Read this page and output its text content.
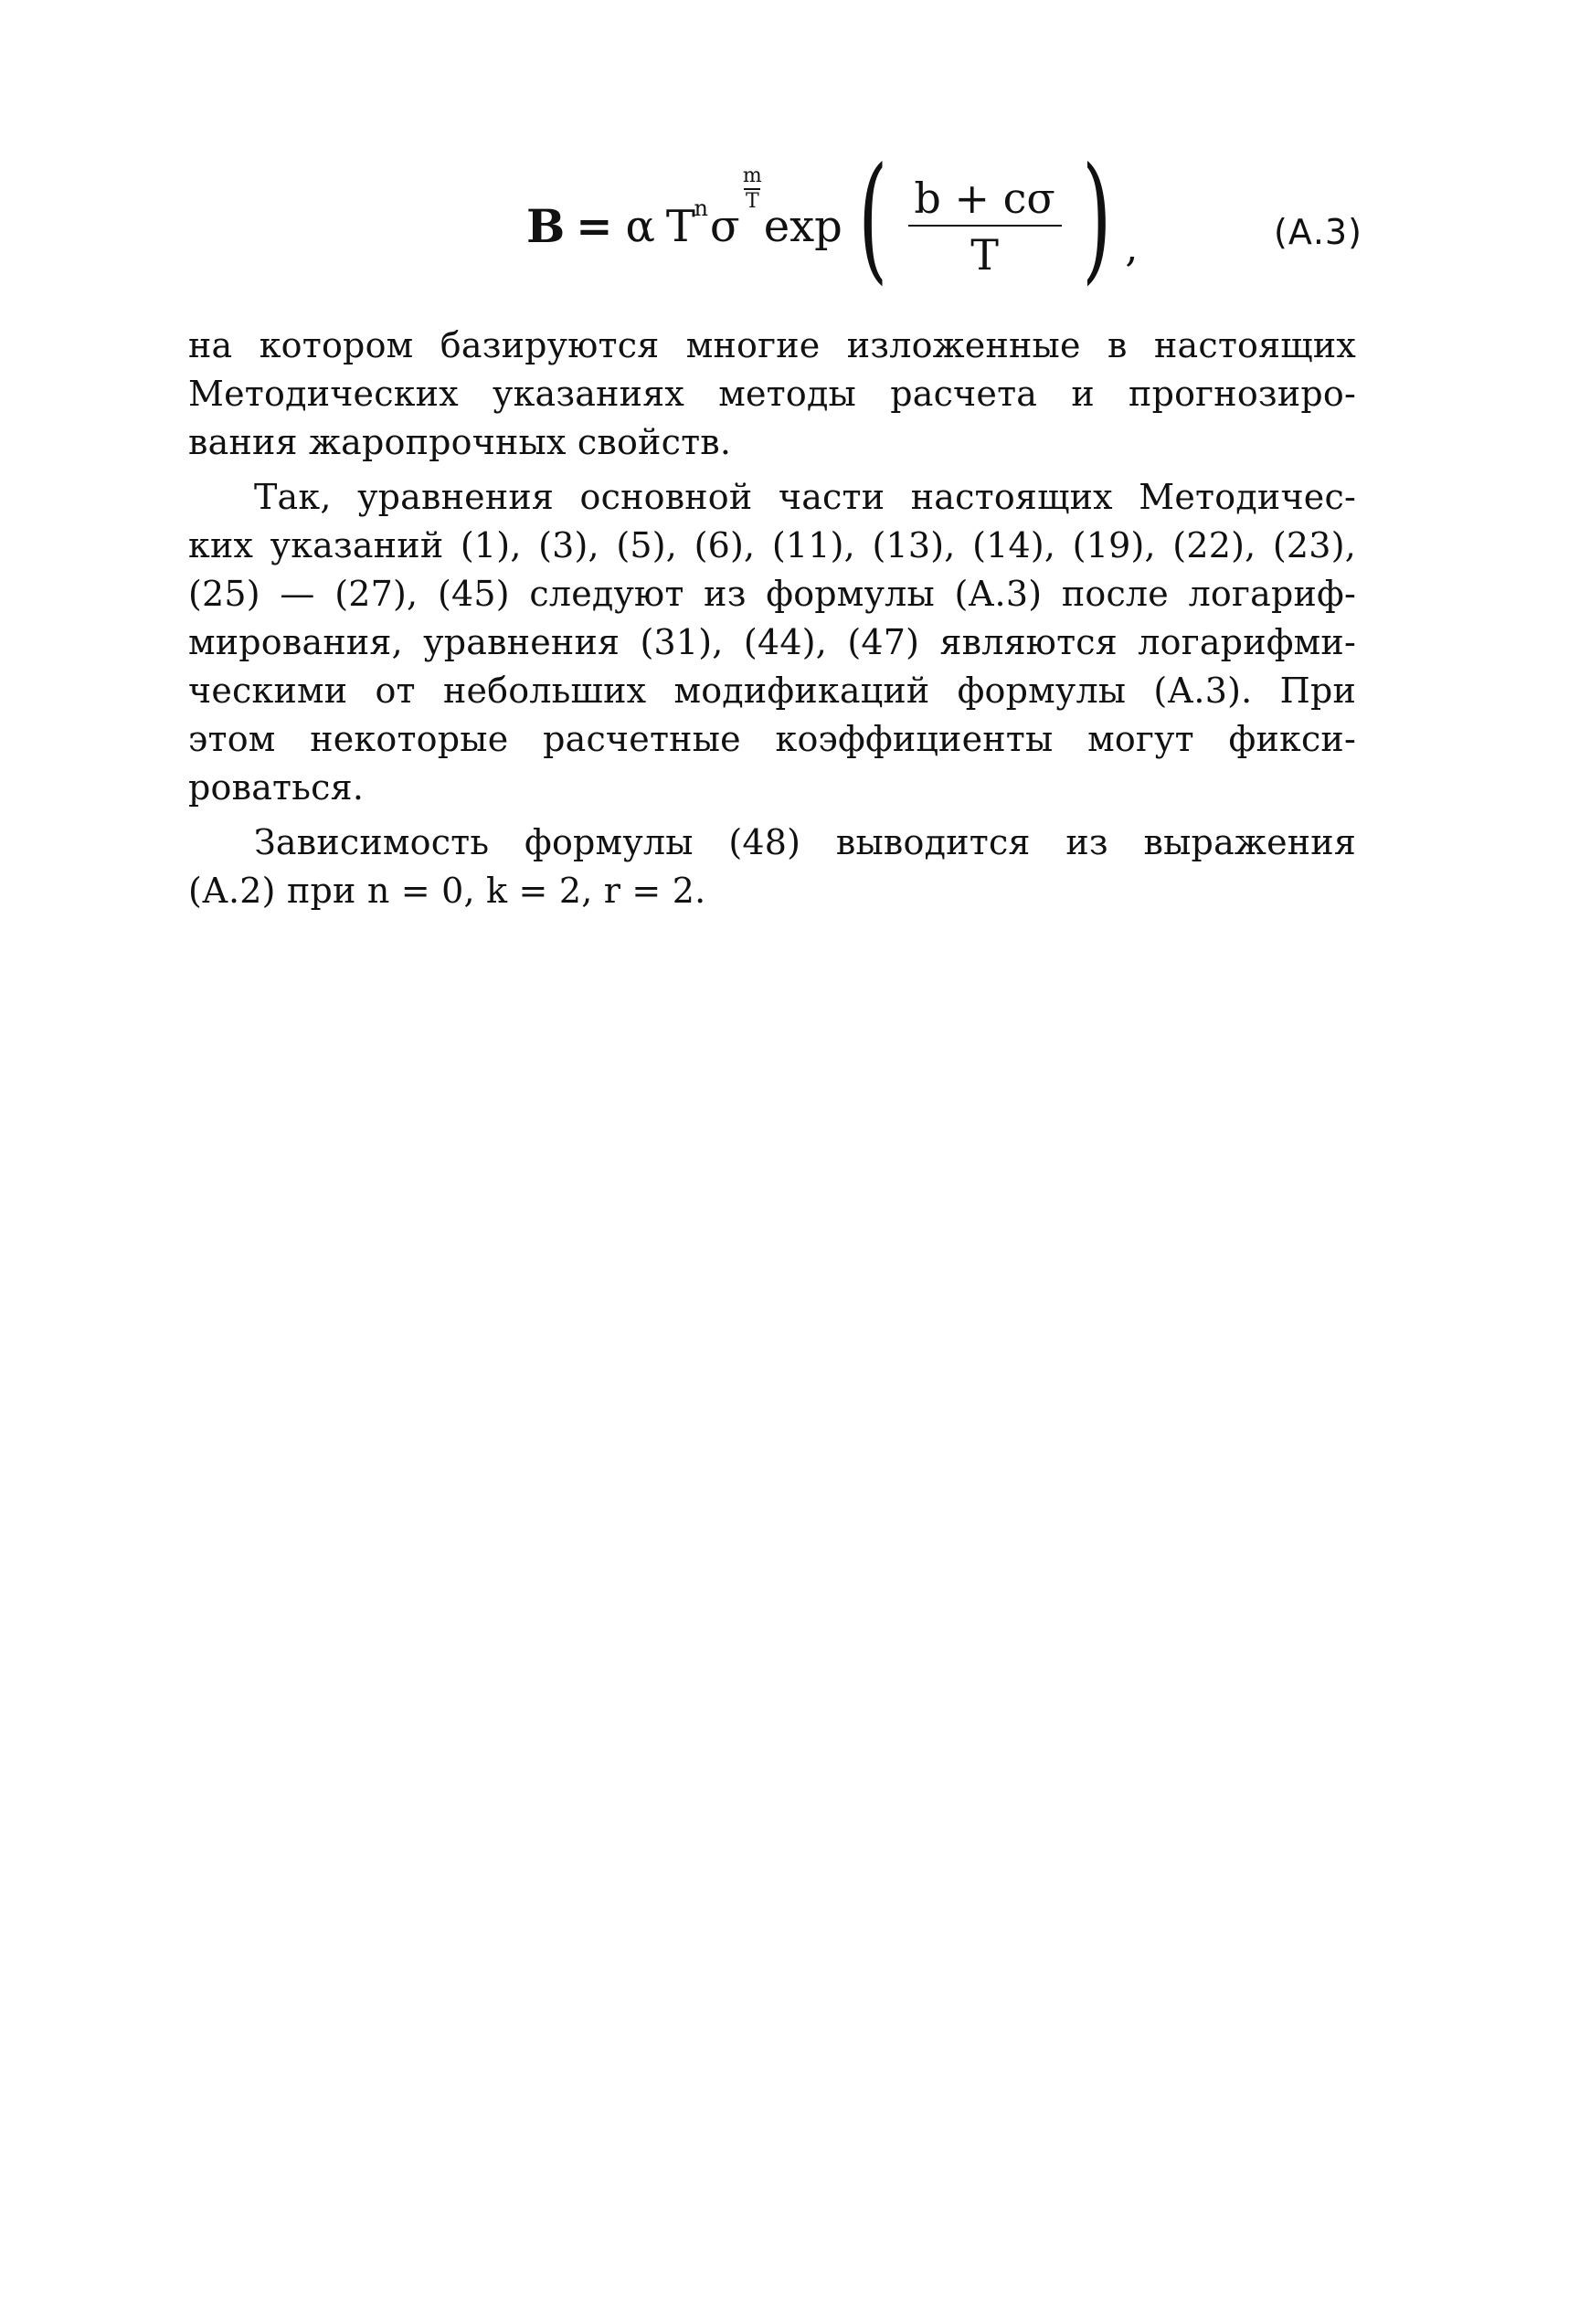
B = α T
n σ
m
T exp ( $\frac{b + c\sigma}{T}$ ) ,	(А.3)
на котором базируются многие изложенные в настоящих
Методических указаниях методы расчета и прогнозиро-
вания жаропрочных свойств.
Так, уравнения основной части настоящих Методичес-
ких указаний (1), (3), (5), (6), (11), (13), (14), (19), (22), (23),
(25) — (27), (45) следуют из формулы (А.3) после логариф-
мирования, уравнения (31), (44), (47) являются логарифми-
ческими от небольших модификаций формулы (А.3). При
этом некоторые расчетные коэффициенты могут фикси-
роваться.
Зависимость формулы (48) выводится из выражения
(А.2) при n = 0, k = 2, r = 2.
